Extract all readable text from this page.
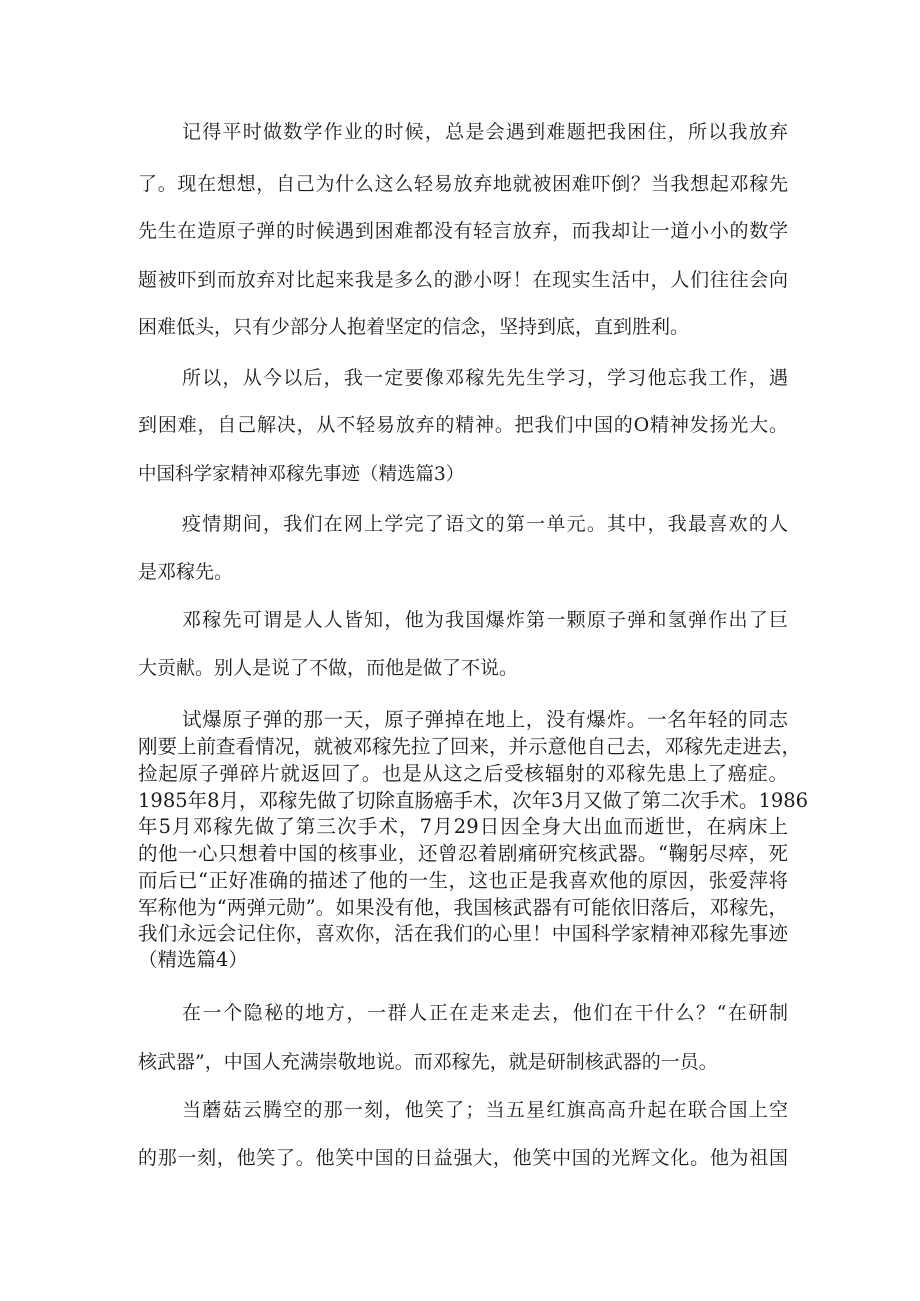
记得平时做数学作业的时候，总是会遇到难题把我困住，所以我放弃
了。现在想想，自己为什么这么轻易放弃地就被困难吓倒？当我想起邓稼先
先生在造原子弹的时候遇到困难都没有轻言放弃，而我却让一道小小的数学
题被吓到而放弃对比起来我是多么的渺小呀！在现实生活中，人们往往会向
困难低头，只有少部分人抱着坚定的信念，坚持到底，直到胜利。
所以，从今以后，我一定要像邓稼先先生学习，学习他忘我工作，遇
到困难，自己解决，从不轻易放弃的精神。把我们中国的O精神发扬光大。
中国科学家精神邓稼先事迹（精选篇3）
疫情期间，我们在网上学完了语文的第一单元。其中，我最喜欢的人
是邓稼先。
邓稼先可谓是人人皆知，他为我国爆炸第一颗原子弹和氢弹作出了巨
大贡献。别人是说了不做，而他是做了不说。
试爆原子弹的那一天，原子弹掉在地上，没有爆炸。一名年轻的同志
刚要上前查看情况，就被邓稼先拉了回来，并示意他自己去，邓稼先走进去，
捡起原子弹碎片就返回了。也是从这之后受核辐射的邓稼先患上了癌症。
1985年8月，邓稼先做了切除直肠癌手术，次年3月又做了第二次手术。1986
年5月邓稼先做了第三次手术，7月29日因全身大出血而逝世，在病床上
的他一心只想着中国的核事业，还曾忍着剧痛研究核武器。“鞠躬尽瘁，死
而后已“正好准确的描述了他的一生，这也正是我喜欢他的原因，张爱萍将
军称他为“两弹元勋”。如果没有他，我国核武器有可能依旧落后，邓稼先，
我们永远会记住你，喜欢你，活在我们的心里！中国科学家精神邓稼先事迹
（精选篇4）
在一个隐秘的地方，一群人正在走来走去，他们在干什么？“在研制
核武器”，中国人充满崇敬地说。而邓稼先，就是研制核武器的一员。
当蘑菇云腾空的那一刻，他笑了；当五星红旗高高升起在联合国上空
的那一刻，他笑了。他笑中国的日益强大，他笑中国的光辉文化。他为祖国
